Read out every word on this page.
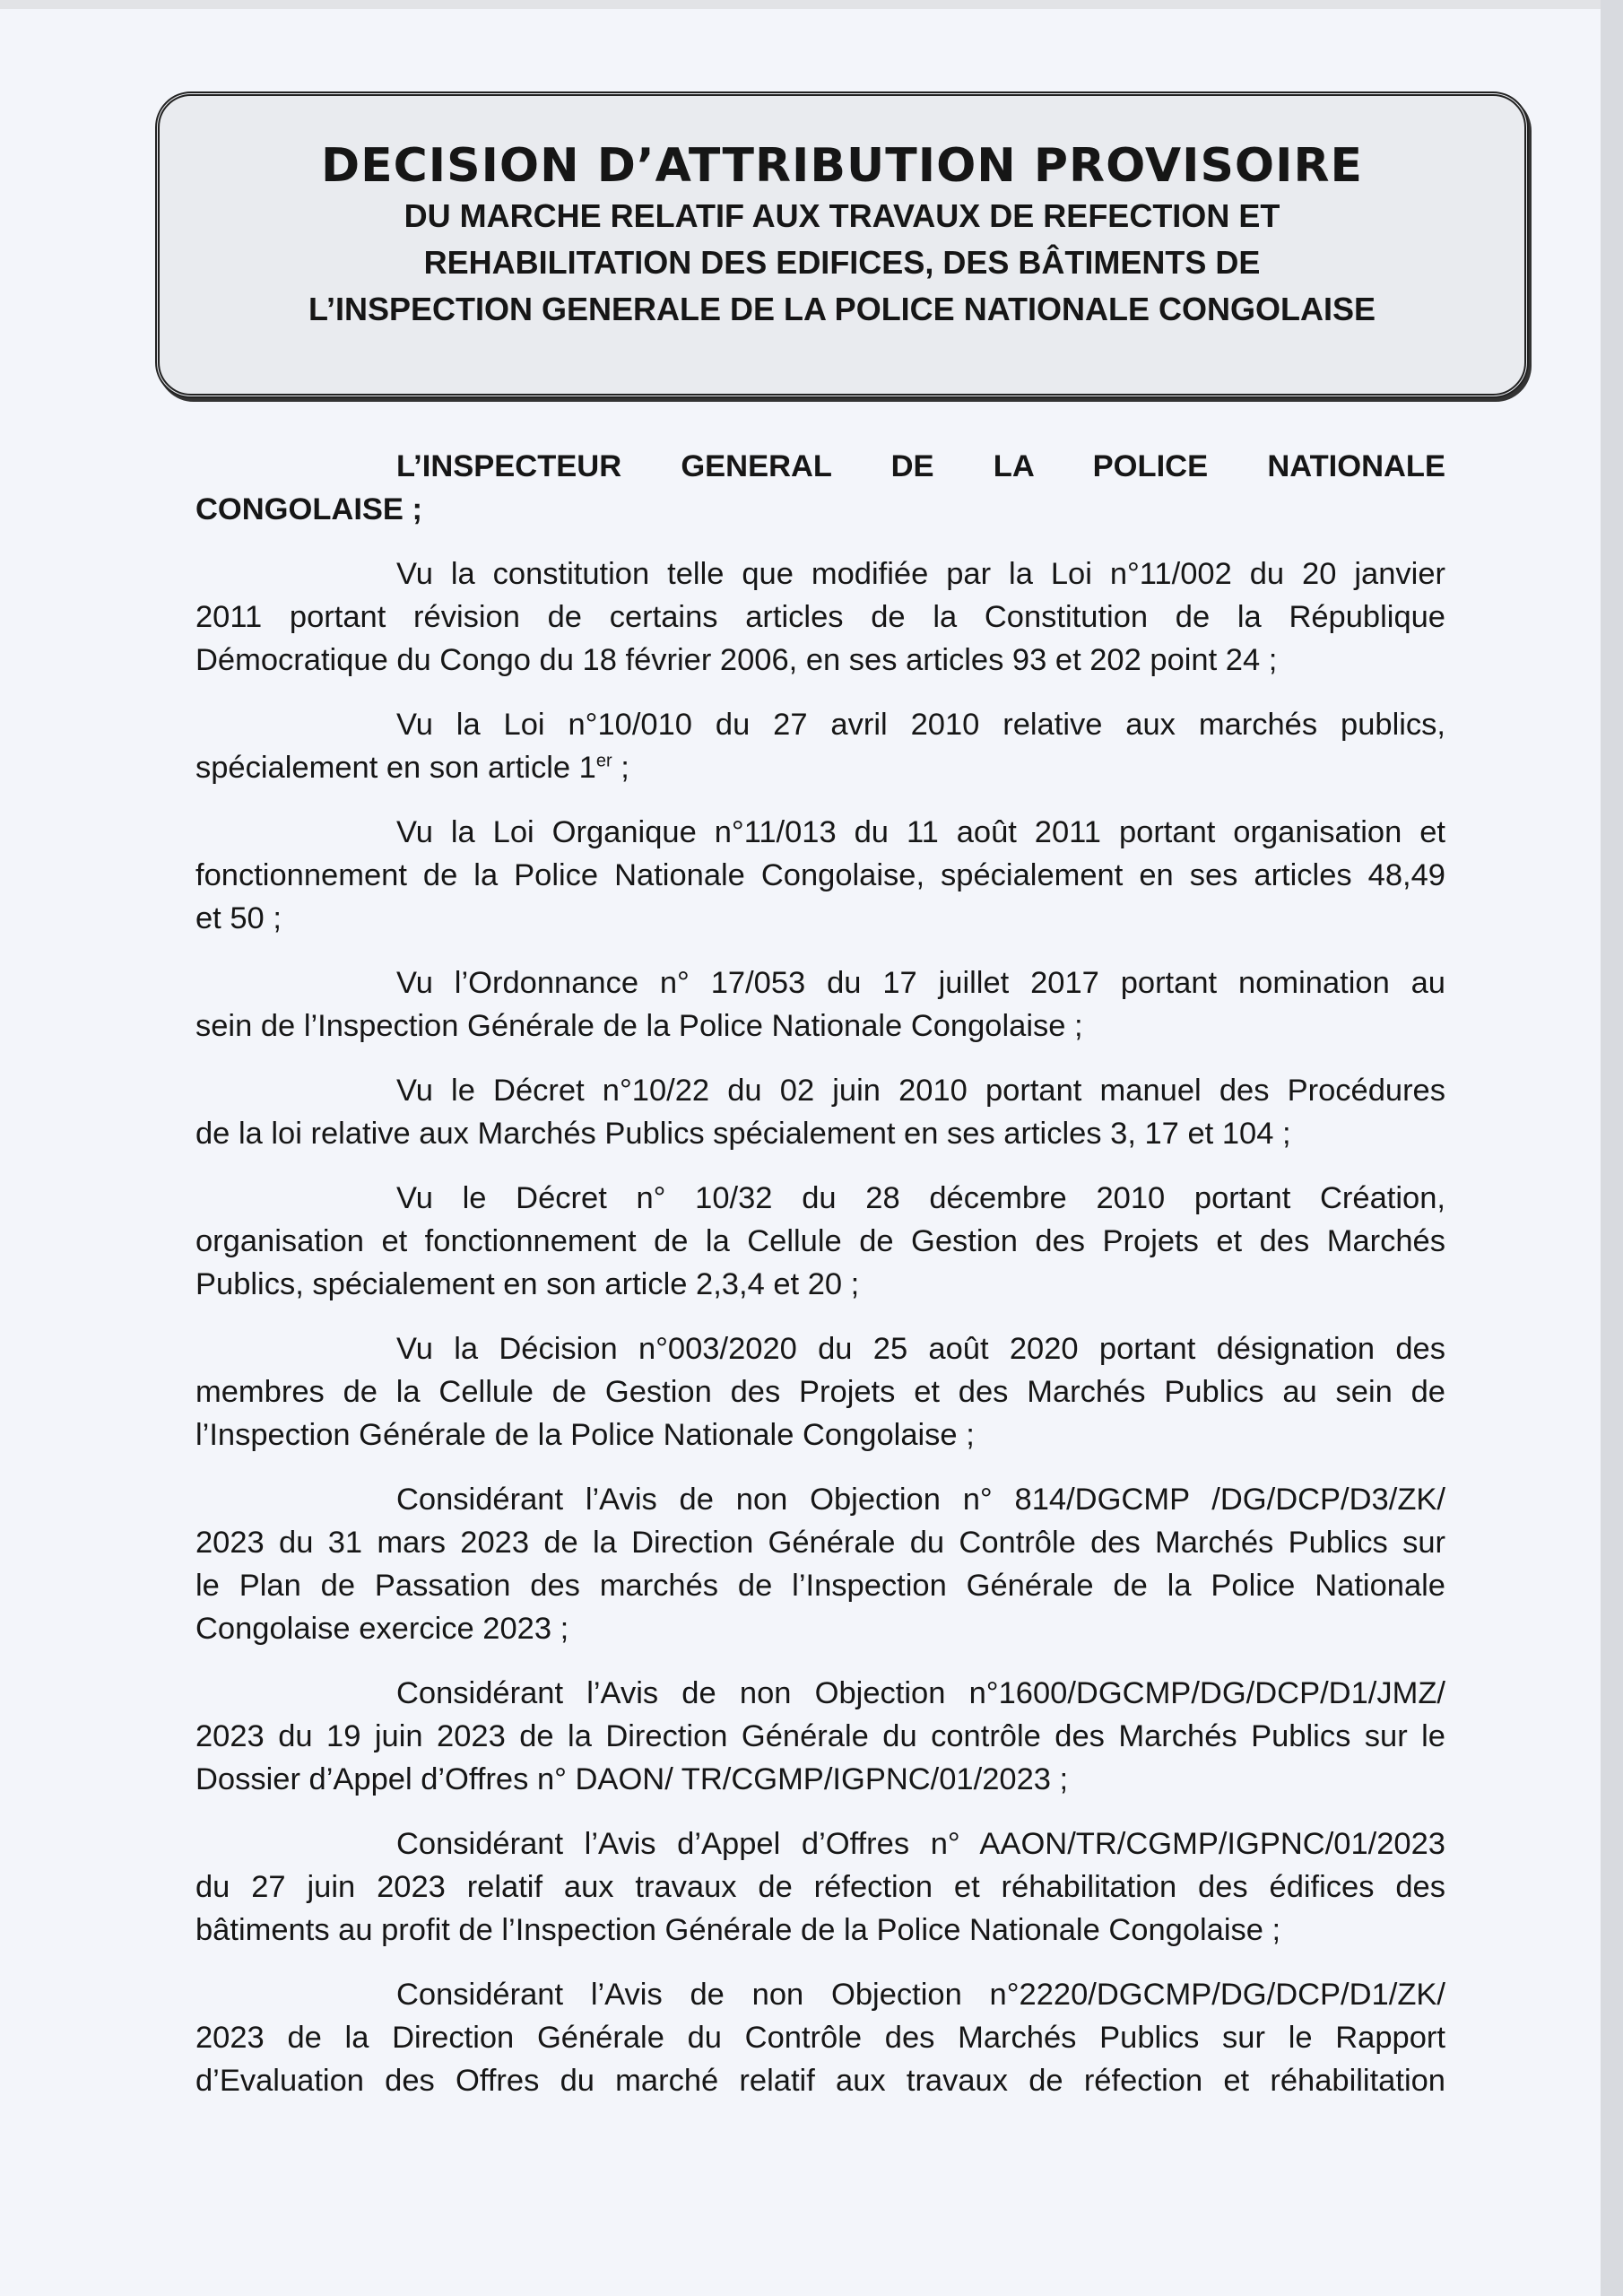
DECISION D’ATTRIBUTION PROVISOIRE
DU MARCHE RELATIF AUX TRAVAUX DE REFECTION ET
REHABILITATION DES EDIFICES, DES BÂTIMENTS DE
L’INSPECTION GENERALE DE LA POLICE NATIONALE CONGOLAISE
L’INSPECTEUR GENERAL DE LA POLICE NATIONALE
CONGOLAISE ;
Vu la constitution telle que modifiée par la Loi n°11/002 du 20 janvier
2011 portant révision de certains articles de la Constitution de la République
Démocratique du Congo du 18 février 2006, en ses articles 93 et 202 point 24 ;
Vu la Loi n°10/010 du 27 avril 2010 relative aux marchés publics,
spécialement en son article 1er ;
Vu la Loi Organique n°11/013 du 11 août 2011 portant organisation et
fonctionnement de la Police Nationale Congolaise, spécialement en ses articles 48,49
et 50 ;
Vu l’Ordonnance n° 17/053 du 17 juillet 2017 portant nomination au
sein de l’Inspection Générale de la Police Nationale Congolaise ;
Vu le Décret n°10/22 du 02 juin 2010 portant manuel des Procédures
de la loi relative aux Marchés Publics spécialement en ses articles 3, 17 et 104 ;
Vu le Décret n° 10/32 du 28 décembre 2010 portant Création,
organisation et fonctionnement de la Cellule de Gestion des Projets et des Marchés
Publics, spécialement en son article 2,3,4 et 20 ;
Vu la Décision n°003/2020 du 25 août 2020 portant désignation des
membres de la Cellule de Gestion des Projets et des Marchés Publics au sein de
l’Inspection Générale de la Police Nationale Congolaise ;
Considérant l’Avis de non Objection n° 814/DGCMP /DG/DCP/D3/ZK/
2023 du 31 mars 2023 de la Direction Générale du Contrôle des Marchés Publics sur
le Plan de Passation des marchés de l’Inspection Générale de la Police Nationale
Congolaise exercice 2023 ;
Considérant l’Avis de non Objection n°1600/DGCMP/DG/DCP/D1/JMZ/
2023 du 19 juin 2023 de la Direction Générale du contrôle des Marchés Publics sur le
Dossier d’Appel d’Offres n° DAON/ TR/CGMP/IGPNC/01/2023 ;
Considérant l’Avis d’Appel d’Offres n° AAON/TR/CGMP/IGPNC/01/2023
du 27 juin 2023 relatif aux travaux de réfection et réhabilitation des édifices des
bâtiments au profit de l’Inspection Générale de la Police Nationale Congolaise ;
Considérant l’Avis de non Objection n°2220/DGCMP/DG/DCP/D1/ZK/
2023 de la Direction Générale du Contrôle des Marchés Publics sur le Rapport
d’Evaluation des Offres du marché relatif aux travaux de réfection et réhabilitation
